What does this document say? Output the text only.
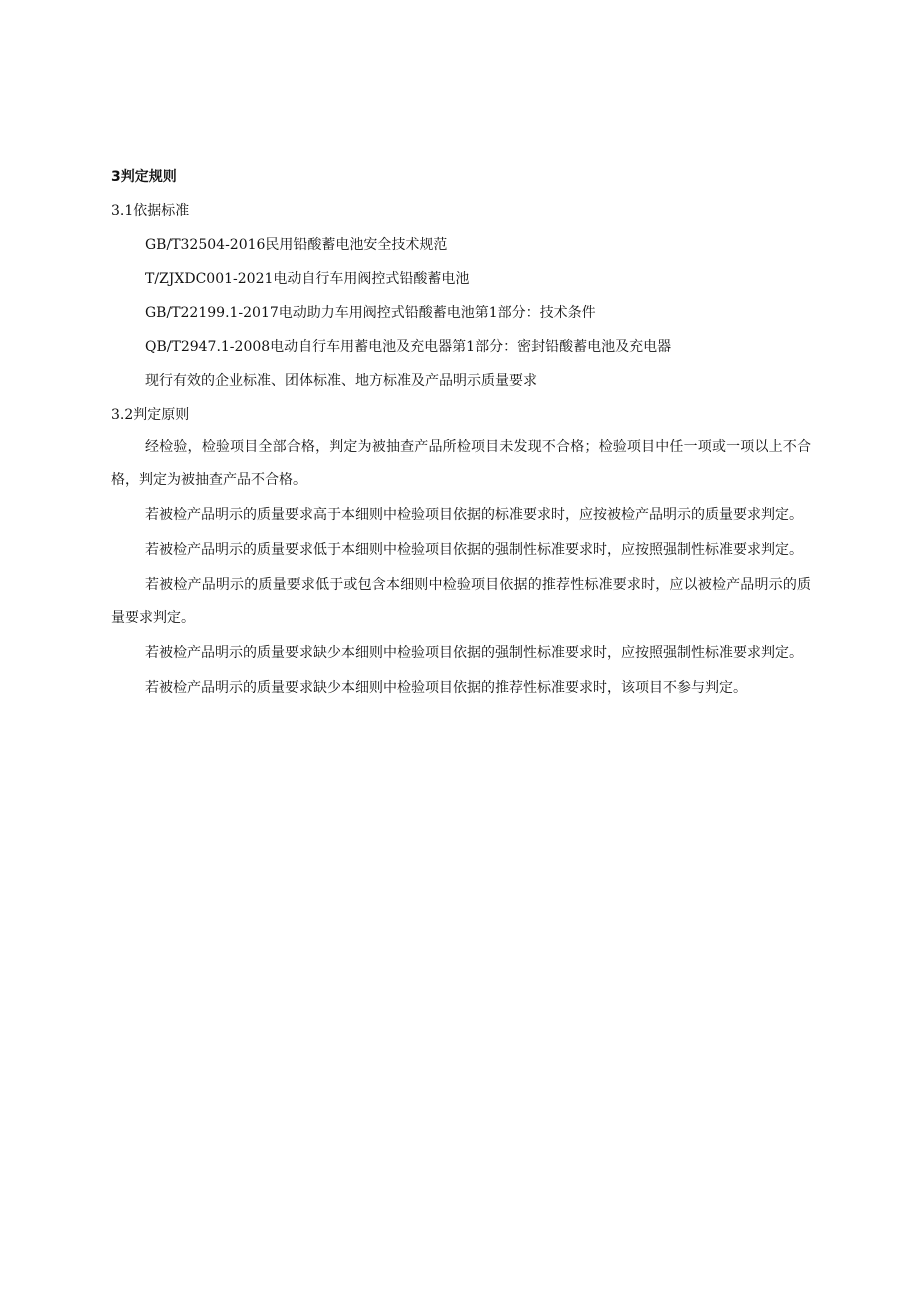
3判定规则
3.1依据标准
GB/T32504-2016民用铅酸蓄电池安全技术规范
T/ZJXDC001-2021电动自行车用阀控式铅酸蓄电池
GB/T22199.1-2017电动助力车用阀控式铅酸蓄电池第1部分：技术条件
QB/T2947.1-2008电动自行车用蓄电池及充电器第1部分：密封铅酸蓄电池及充电器
现行有效的企业标准、团体标准、地方标准及产品明示质量要求
3.2判定原则

经检验，检验项目全部合格，判定为被抽查产品所检项目未发现不合格；检验项目中任一项或一项以上不合格，判定为被抽查产品不合格。

若被检产品明示的质量要求高于本细则中检验项目依据的标准要求时，应按被检产品明示的质量要求判定。

若被检产品明示的质量要求低于本细则中检验项目依据的强制性标准要求时，应按照强制性标准要求判定。

若被检产品明示的质量要求低于或包含本细则中检验项目依据的推荐性标准要求时，应以被检产品明示的质量要求判定。

若被检产品明示的质量要求缺少本细则中检验项目依据的强制性标准要求时，应按照强制性标准要求判定。

若被检产品明示的质量要求缺少本细则中检验项目依据的推荐性标准要求时，该项目不参与判定。
